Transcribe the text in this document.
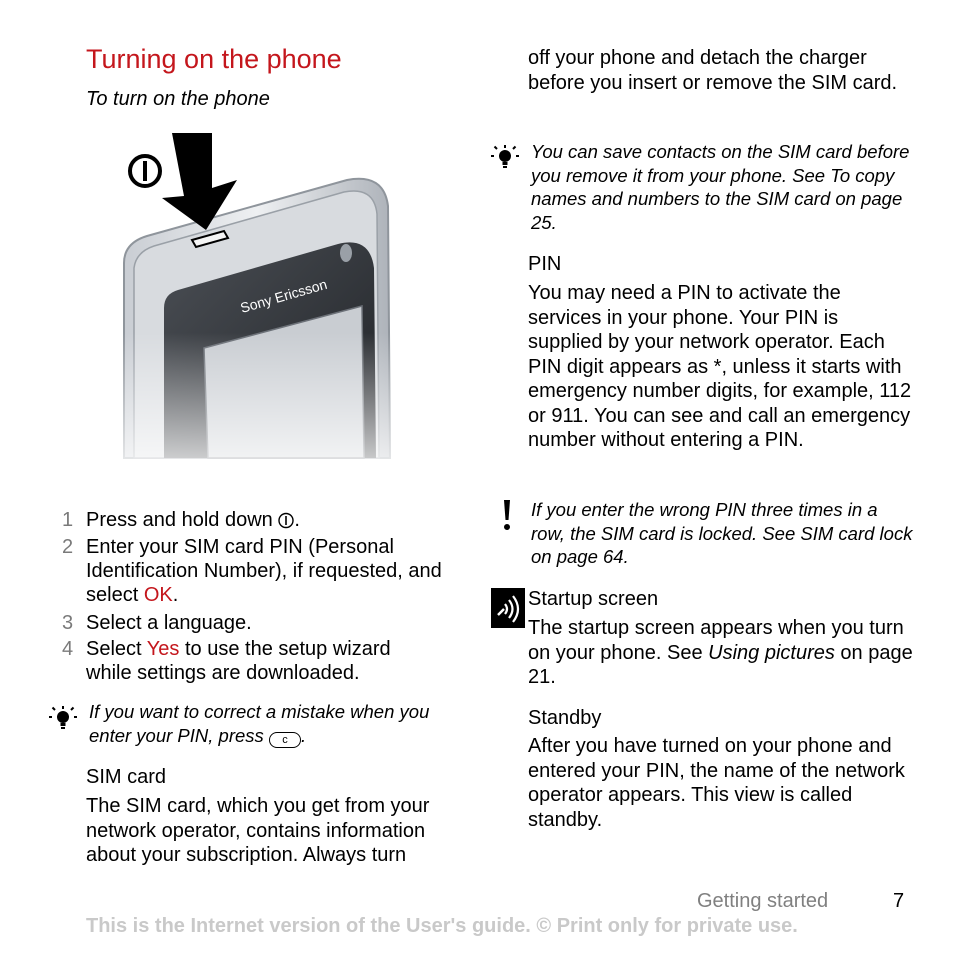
Turning on the phone
To turn on the phone
1 Press and hold down .
2 Enter your SIM card PIN (Personal Identification Number), if requested, and select OK.
3 Select a language.
4 Select Yes to use the setup wizard while settings are downloaded.
If you want to correct a mistake when you enter your PIN, press c .
SIM card
The SIM card, which you get from your network operator, contains information about your subscription. Always turn
off your phone and detach the charger before you insert or remove the SIM card.
You can save contacts on the SIM card before you remove it from your phone. See To copy names and numbers to the SIM card on page 25.
PIN
You may need a PIN to activate the services in your phone. Your PIN is supplied by your network operator. Each PIN digit appears as *, unless it starts with emergency number digits, for example, 112 or 911. You can see and call an emergency number without entering a PIN.
If you enter the wrong PIN three times in a row, the SIM card is locked. See SIM card lock on page 64.
Startup screen
The startup screen appears when you turn on your phone. See Using pictures on page 21.
Standby
After you have turned on your phone and entered your PIN, the name of the network operator appears. This view is called standby.
Getting started	7
This is the Internet version of the User's guide. © Print only for private use.
